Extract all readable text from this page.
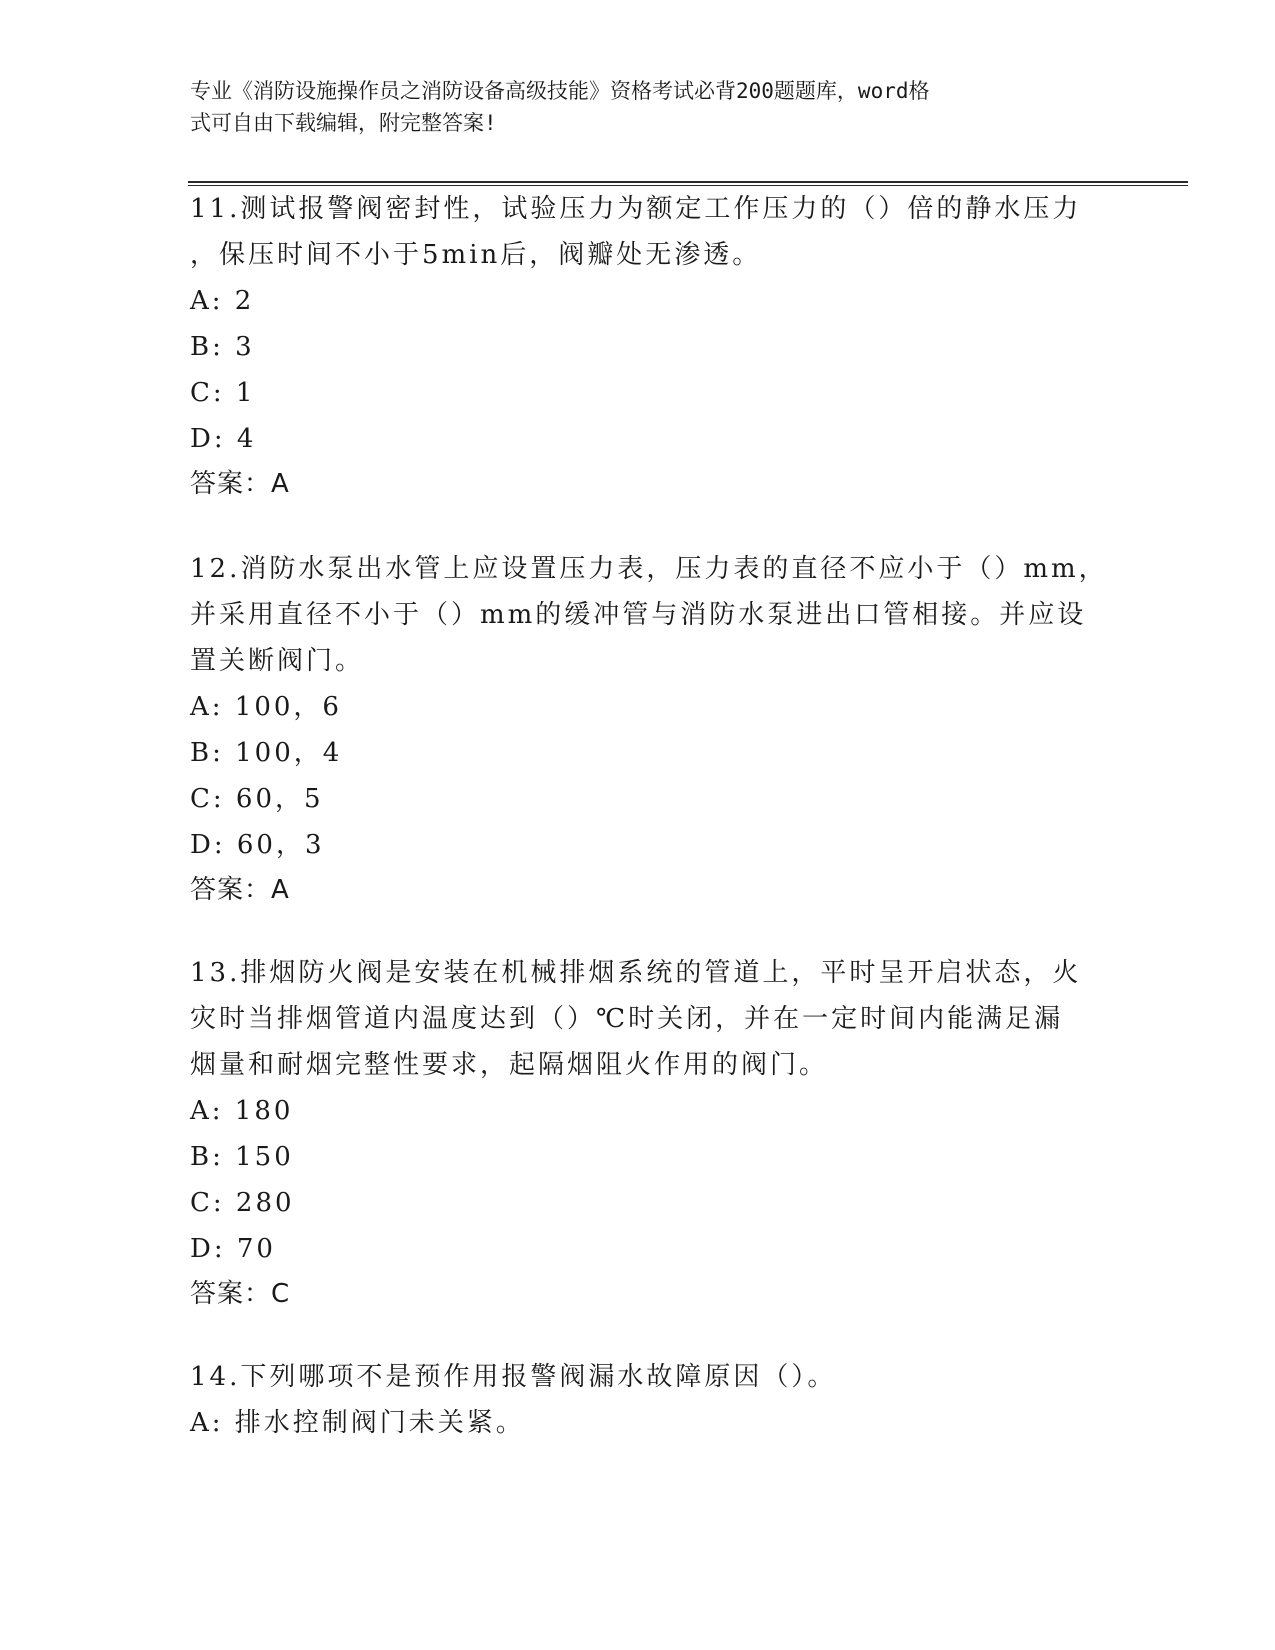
专业《消防设施操作员之消防设备高级技能》资格考试必背200题题库，word格

式可自由下载编辑，附完整答案!

11.测试报警阀密封性，试验压力为额定工作压力的（）倍的静水压力
，保压时间不小于5min后，阀瓣处无渗透。
A: 2
B: 3
C: 1
D: 4
答案：A
12.消防水泵出水管上应设置压力表，压力表的直径不应小于（）mm，
并采用直径不小于（）mm的缓冲管与消防水泵进出口管相接。并应设
置关断阀门。
A: 100，6
B: 100，4
C: 60，5
D: 60，3
答案：A
13.排烟防火阀是安装在机械排烟系统的管道上，平时呈开启状态，火
灾时当排烟管道内温度达到（）℃时关闭，并在一定时间内能满足漏
烟量和耐烟完整性要求，起隔烟阻火作用的阀门。
A: 180
B: 150
C: 280
D: 70
答案：C
14.下列哪项不是预作用报警阀漏水故障原因（）。
A: 排水控制阀门未关紧。
